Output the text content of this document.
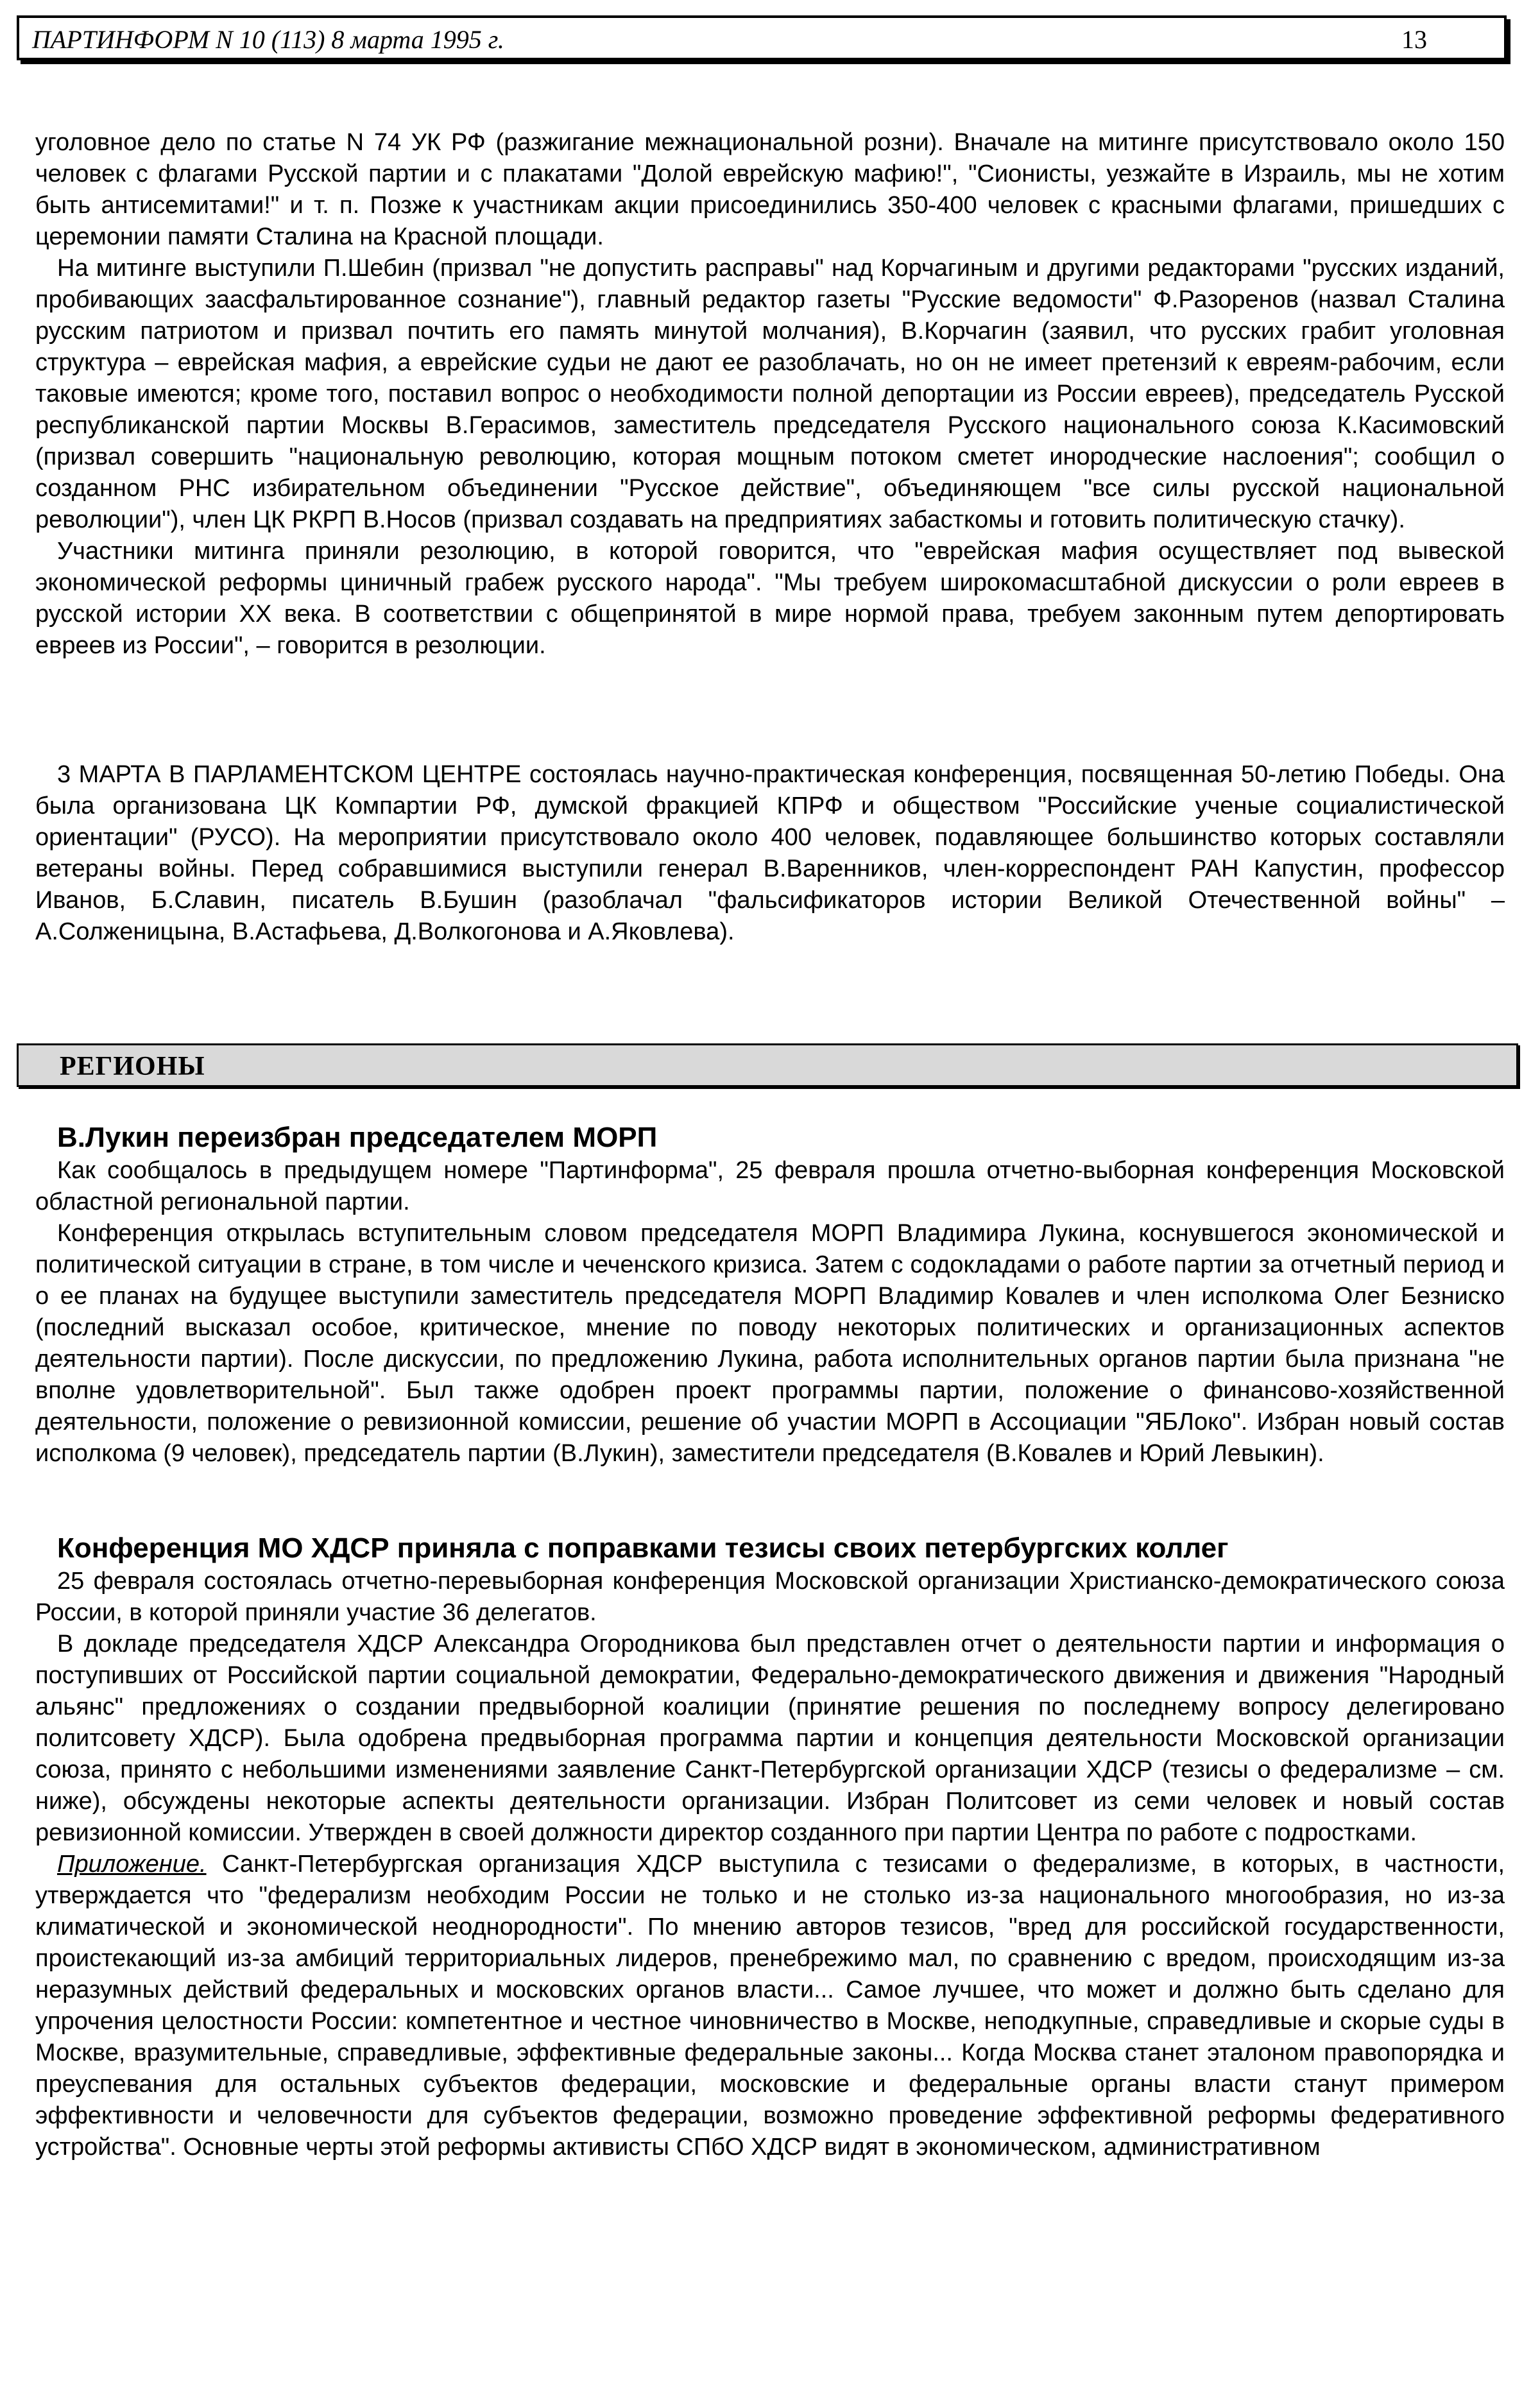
ПАРТИНФОРМ N 10 (113) 8 марта 1995 г.	13

уголовное дело по статье N 74 УК РФ (разжигание межнациональной розни). Вначале на митинге присутствовало около 150 человек с флагами Русской партии и с плакатами "Долой еврейскую мафию!", "Сионисты, уезжайте в Израиль, мы не хотим быть антисемитами!" и т. п. Позже к участникам акции присоединились 350-400 человек с красными флагами, пришедших с церемонии памяти Сталина на Красной площади.

На митинге выступили П.Шебин (призвал "не допустить расправы" над Корчагиным и другими редакторами "русских изданий, пробивающих заасфальтированное сознание"), главный редактор газеты "Русские ведомости" Ф.Разоренов (назвал Сталина русским патриотом и призвал почтить его память минутой молчания), В.Корчагин (заявил, что русских грабит уголовная структура – еврейская мафия, а еврейские судьи не дают ее разоблачать, но он не имеет претензий к евреям-рабочим, если таковые имеются; кроме того, поставил вопрос о необходимости полной депортации из России евреев), председатель Русской республиканской партии Москвы В.Герасимов, заместитель председателя Русского национального союза К.Касимовский (призвал совершить "национальную революцию, которая мощным потоком сметет инородческие наслоения"; сообщил о созданном РНС избирательном объединении "Русское действие", объединяющем "все силы русской национальной революции"), член ЦК РКРП В.Носов (призвал создавать на предприятиях забасткомы и готовить политическую стачку).

Участники митинга приняли резолюцию, в которой говорится, что "еврейская мафия осуществляет под вывеской экономической реформы циничный грабеж русского народа". "Мы требуем широкомасштабной дискуссии о роли евреев в русской истории XX века. В соответствии с общепринятой в мире нормой права, требуем законным путем депортировать евреев из России", – говорится в резолюции.

3 МАРТА В ПАРЛАМЕНТСКОМ ЦЕНТРЕ состоялась научно-практическая конференция, посвященная 50-летию Победы. Она была организована ЦК Компартии РФ, думской фракцией КПРФ и обществом "Российские ученые социалистической ориентации" (РУСО). На мероприятии присутствовало около 400 человек, подавляющее большинство которых составляли ветераны войны. Перед собравшимися выступили генерал В.Варенников, член-корреспондент РАН Капустин, профессор Иванов, Б.Славин, писатель В.Бушин (разоблачал "фальсификаторов истории Великой Отечественной войны" – А.Солженицына, В.Астафьева, Д.Волкогонова и А.Яковлева).

РЕГИОНЫ

В.Лукин переизбран председателем МОРП

Как сообщалось в предыдущем номере "Партинформа", 25 февраля прошла отчетно-выборная конференция Московской областной региональной партии.

Конференция открылась вступительным словом председателя МОРП Владимира Лукина, коснувшегося экономической и политической ситуации в стране, в том числе и чеченского кризиса. Затем с содокладами о работе партии за отчетный период и о ее планах на будущее выступили заместитель председателя МОРП Владимир Ковалев и член исполкома Олег Безниско (последний высказал особое, критическое, мнение по поводу некоторых политических и организационных аспектов деятельности партии). После дискуссии, по предложению Лукина, работа исполнительных органов партии была признана "не вполне удовлетворительной". Был также одобрен проект программы партии, положение о финансово-хозяйственной деятельности, положение о ревизионной комиссии, решение об участии МОРП в Ассоциации "ЯБЛоко". Избран новый состав исполкома (9 человек), председатель партии (В.Лукин), заместители председателя (В.Ковалев и Юрий Левыкин).

Конференция МО ХДСР приняла с поправками тезисы своих петербургских коллег

25 февраля состоялась отчетно-перевыборная конференция Московской организации Христианско-демократического союза России, в которой приняли участие 36 делегатов.

В докладе председателя ХДСР Александра Огородникова был представлен отчет о деятельности партии и информация о поступивших от Российской партии социальной демократии, Федерально-демократического движения и движения "Народный альянс" предложениях о создании предвыборной коалиции (принятие решения по последнему вопросу делегировано политсовету ХДСР). Была одобрена предвыборная программа партии и концепция деятельности Московской организации союза, принято с небольшими изменениями заявление Санкт-Петербургской организации ХДСР (тезисы о федерализме – см. ниже), обсуждены некоторые аспекты деятельности организации. Избран Политсовет из семи человек и новый состав ревизионной комиссии. Утвержден в своей должности директор созданного при партии Центра по работе с подростками.

Приложение. Санкт-Петербургская организация ХДСР выступила с тезисами о федерализме, в которых, в частности, утверждается что "федерализм необходим России не только и не столько из-за национального многообразия, но из-за климатической и экономической неоднородности". По мнению авторов тезисов, "вред для российской государственности, проистекающий из-за амбиций территориальных лидеров, пренебрежимо мал, по сравнению с вредом, происходящим из-за неразумных действий федеральных и московских органов власти... Самое лучшее, что может и должно быть сделано для упрочения целостности России: компетентное и честное чиновничество в Москве, неподкупные, справедливые и скорые суды в Москве, вразумительные, справедливые, эффективные федеральные законы... Когда Москва станет эталоном правопорядка и преуспевания для остальных субъектов федерации, московские и федеральные органы власти станут примером эффективности и человечности для субъектов федерации, возможно проведение эффективной реформы федеративного устройства". Основные черты этой реформы активисты СПбО ХДСР видят в экономическом, административном
